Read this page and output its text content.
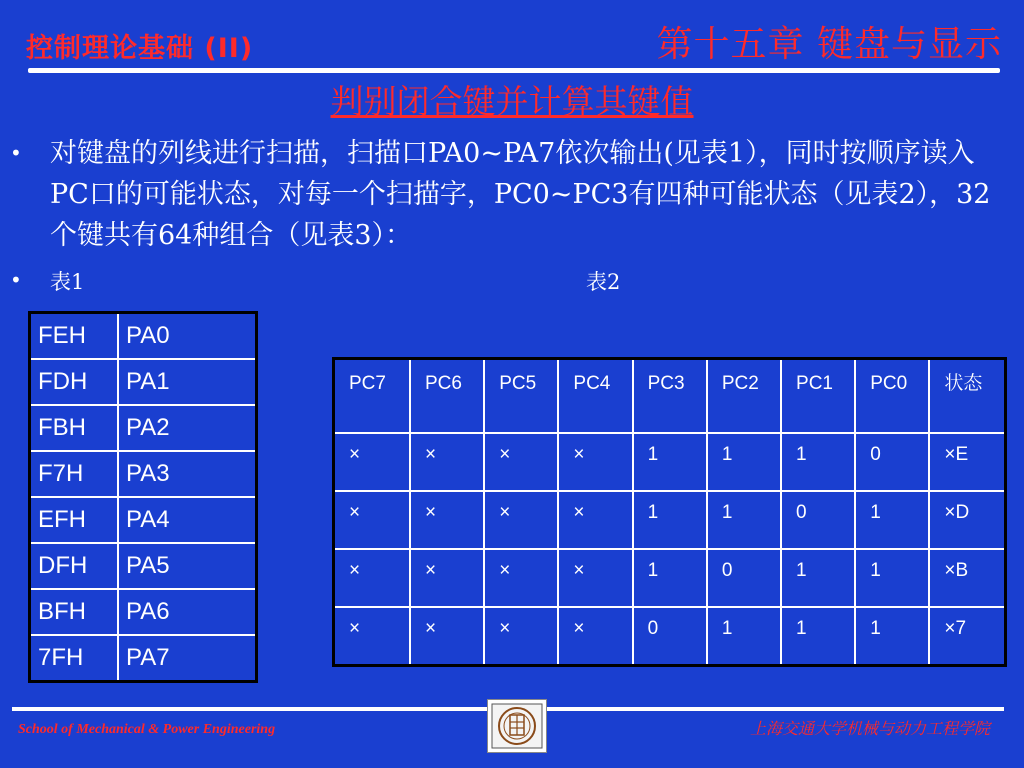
控制理论基础 (II)	第十五章 键盘与显示
判别闭合键并计算其键值
• 对键盘的列线进行扫描，扫描口PA0~PA7依次输出(见表1），同时按顺序读入PC口的可能状态，对每一个扫描字，PC0~PC3有四种可能状态（见表2），32个键共有64种组合（见表3）：
• 表1	表2
FEH	PA0
FDH	PA1
FBH	PA2
F7H	PA3
EFH	PA4
DFH	PA5
BFH	PA6
7FH	PA7
PC7	PC6	PC5	PC4	PC3	PC2	PC1	PC0	状态
×	×	×	×	1	1	1	0	×E
×	×	×	×	1	1	0	1	×D
×	×	×	×	1	0	1	1	×B
×	×	×	×	0	1	1	1	×7
School of Mechanical & Power Engineering	上海交通大学机械与动力工程学院
